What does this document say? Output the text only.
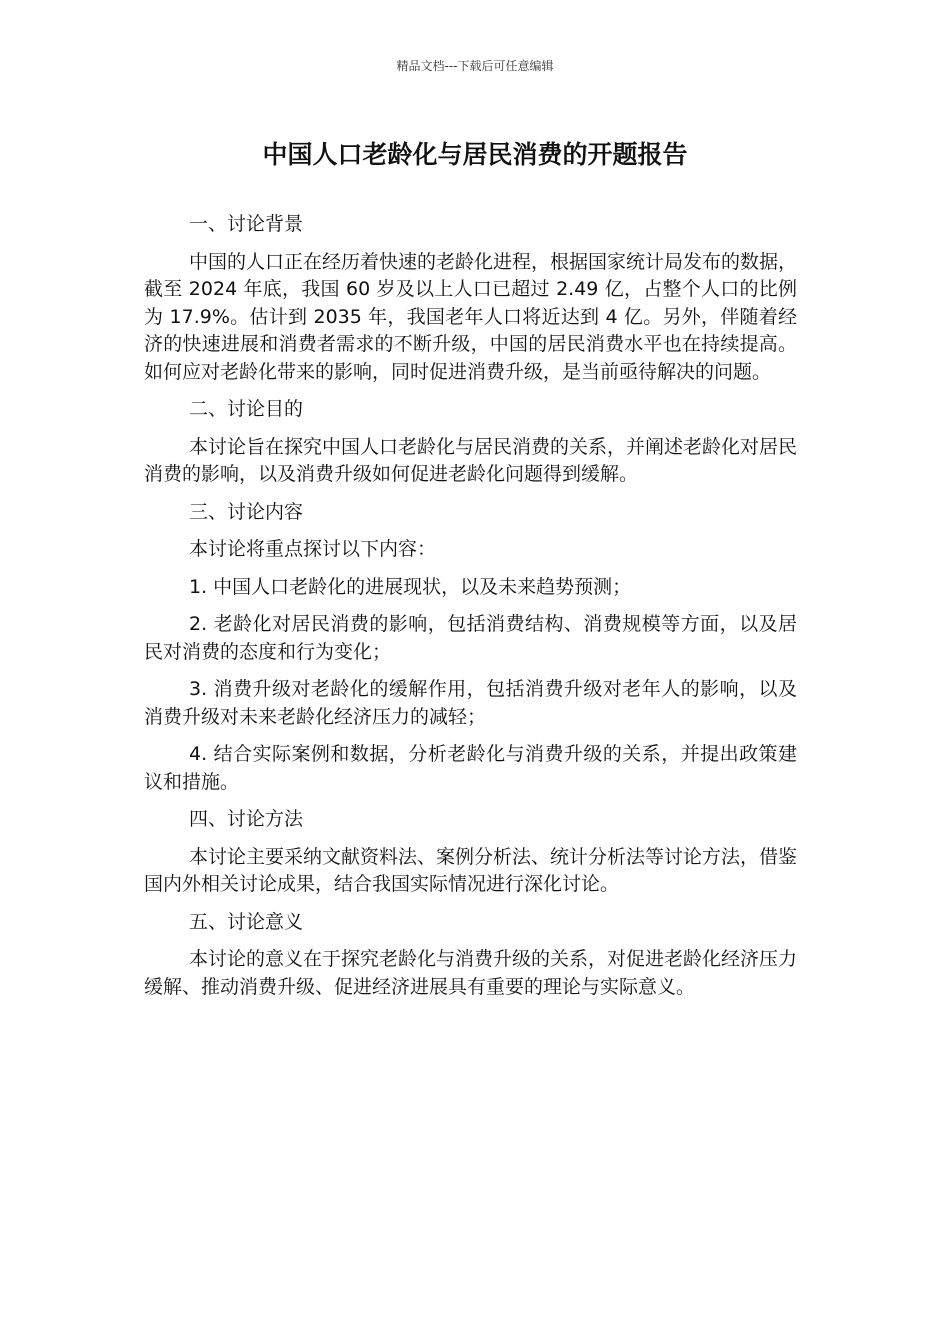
精品文档---下载后可任意编辑
中国人口老龄化与居民消费的开题报告

一、讨论背景

中国的人口正在经历着快速的老龄化进程，根据国家统计局发布的数据，截至 2024 年底，我国 60 岁及以上人口已超过 2.49 亿，占整个人口的比例为 17.9%。估计到 2035 年，我国老年人口将近达到 4 亿。另外，伴随着经济的快速进展和消费者需求的不断升级，中国的居民消费水平也在持续提高。如何应对老龄化带来的影响，同时促进消费升级，是当前亟待解决的问题。

二、讨论目的

本讨论旨在探究中国人口老龄化与居民消费的关系，并阐述老龄化对居民消费的影响，以及消费升级如何促进老龄化问题得到缓解。

三、讨论内容

本讨论将重点探讨以下内容：

1. 中国人口老龄化的进展现状，以及未来趋势预测；

2. 老龄化对居民消费的影响，包括消费结构、消费规模等方面，以及居民对消费的态度和行为变化；

3. 消费升级对老龄化的缓解作用，包括消费升级对老年人的影响，以及消费升级对未来老龄化经济压力的减轻；

4. 结合实际案例和数据，分析老龄化与消费升级的关系，并提出政策建议和措施。

四、讨论方法

本讨论主要采纳文献资料法、案例分析法、统计分析法等讨论方法，借鉴国内外相关讨论成果，结合我国实际情况进行深化讨论。

五、讨论意义

本讨论的意义在于探究老龄化与消费升级的关系，对促进老龄化经济压力缓解、推动消费升级、促进经济进展具有重要的理论与实际意义。
